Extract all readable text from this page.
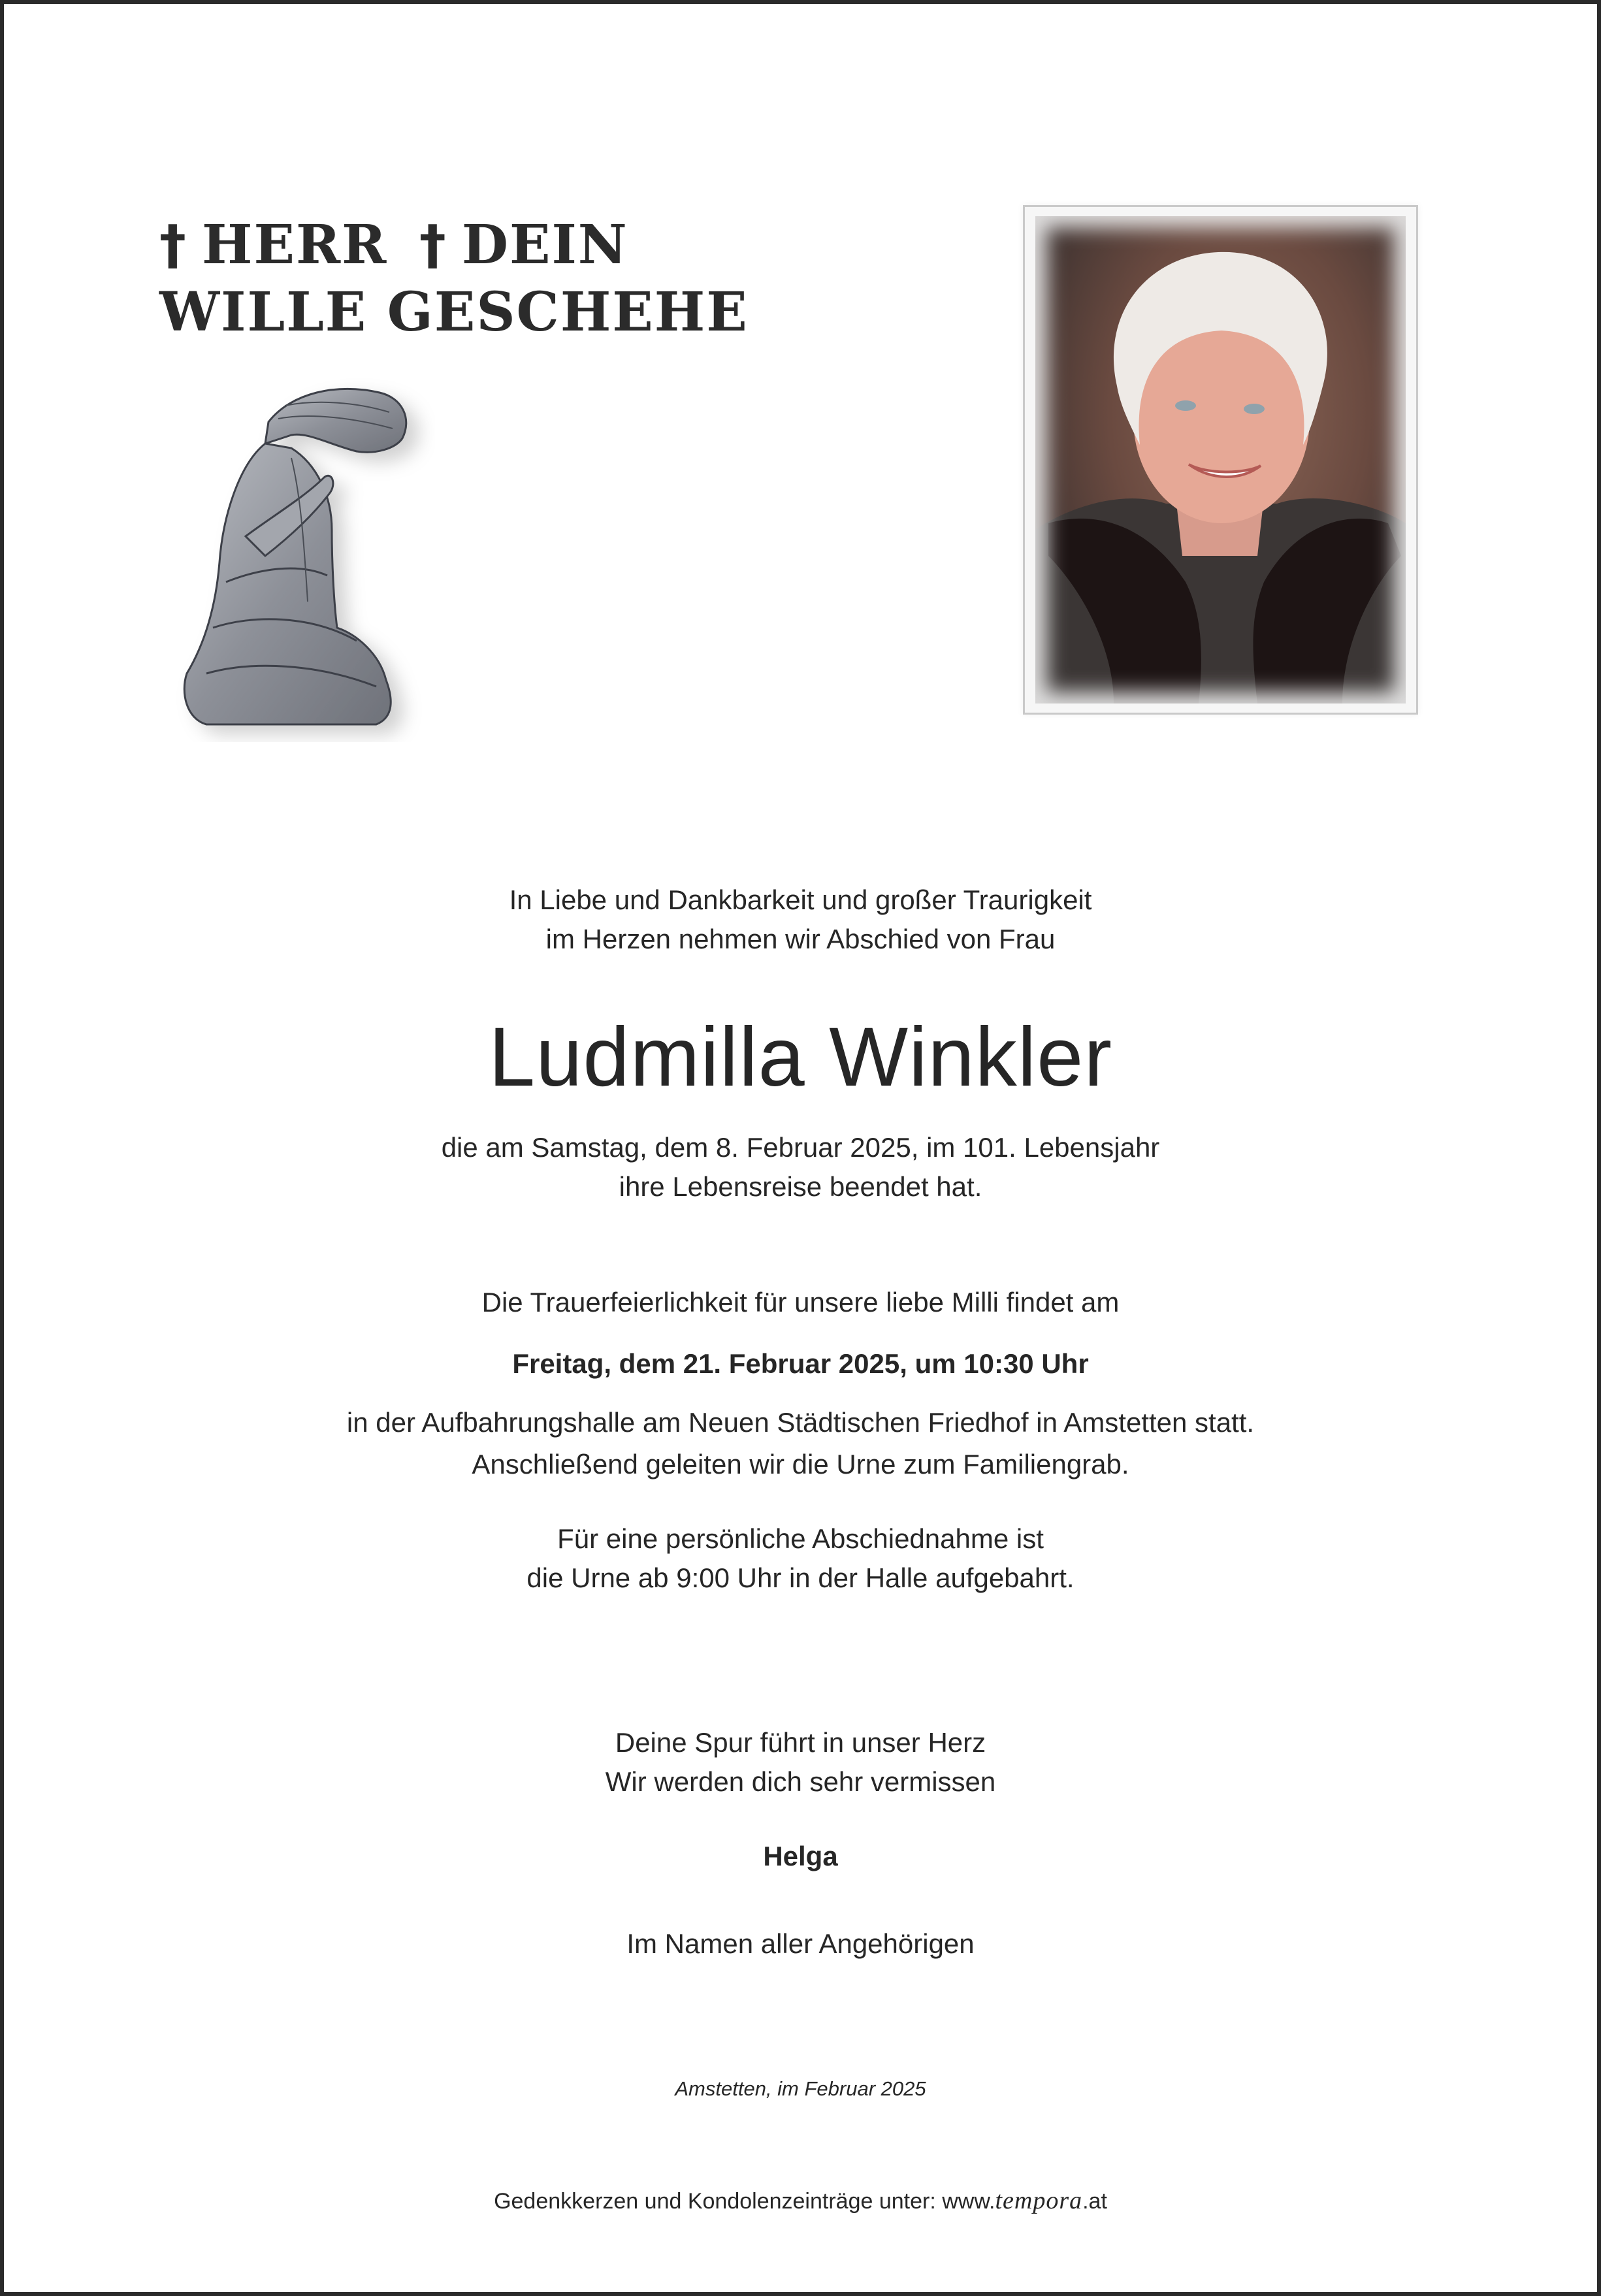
† HERR † DEIN
WILLE GESCHEHE
In Liebe und Dankbarkeit und großer Traurigkeit
im Herzen nehmen wir Abschied von Frau
Ludmilla Winkler
die am Samstag, dem 8. Februar 2025, im 101. Lebensjahr
ihre Lebensreise beendet hat.
Die Trauerfeierlichkeit für unsere liebe Milli findet am
Freitag, dem 21. Februar 2025, um 10:30 Uhr
in der Aufbahrungshalle am Neuen Städtischen Friedhof in Amstetten statt.
Anschließend geleiten wir die Urne zum Familiengrab.
Für eine persönliche Abschiednahme ist
die Urne ab 9:00 Uhr in der Halle aufgebahrt.
Deine Spur führt in unser Herz
Wir werden dich sehr vermissen
Helga
Im Namen aller Angehörigen
Amstetten, im Februar 2025
Gedenkkerzen und Kondolenzeinträge unter: www.tempora.at
